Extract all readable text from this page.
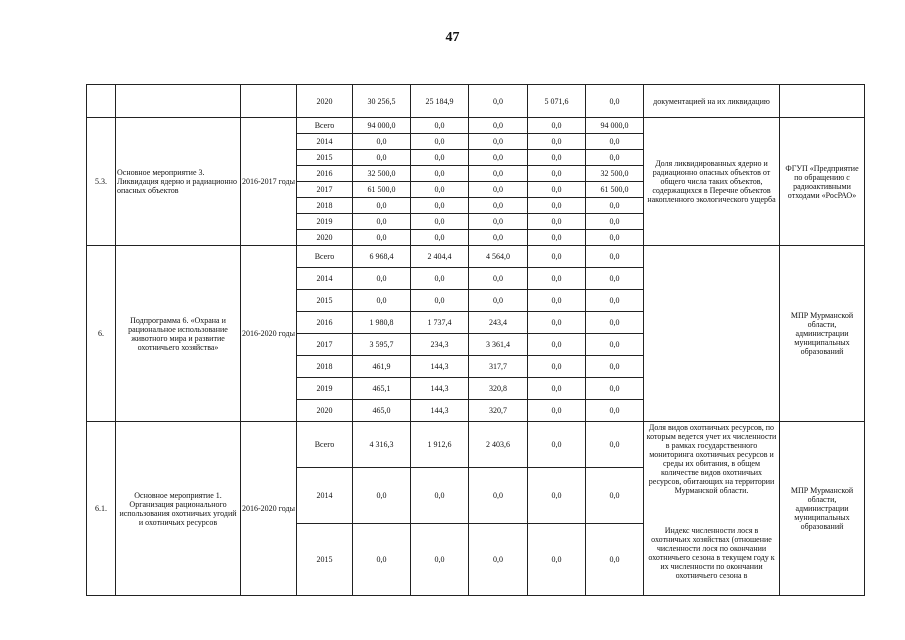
47
			2020	30 256,5	25 184,9	0,0	5 071,6	0,0	документацией на их ликвидацию	
5.3.	Основное мероприятие 3. Ликвидация ядерно и радиационно опасных объектов	2016-2017 годы	Всего	94 000,0	0,0	0,0	0,0	94 000,0	Доля ликвидированных ядерно и радиационно опасных объектов от общего числа таких объектов, содержащихся в Перечне объектов накопленного экологического ущерба	ФГУП «Предприятие по обращению с радиоактивными отходами «РосРАО»
			2014	0,0	0,0	0,0	0,0	0,0		
			2015	0,0	0,0	0,0	0,0	0,0		
			2016	32 500,0	0,0	0,0	0,0	32 500,0		
			2017	61 500,0	0,0	0,0	0,0	61 500,0		
			2018	0,0	0,0	0,0	0,0	0,0		
			2019	0,0	0,0	0,0	0,0	0,0		
			2020	0,0	0,0	0,0	0,0	0,0		
6.	Подпрограмма 6. «Охрана и рациональное использование животного мира и развитие охотничьего хозяйства»	2016-2020 годы	Всего	6 968,4	2 404,4	4 564,0	0,0	0,0		МПР Мурманской области, администрации муниципальных образований
			2014	0,0	0,0	0,0	0,0	0,0		
			2015	0,0	0,0	0,0	0,0	0,0		
			2016	1 980,8	1 737,4	243,4	0,0	0,0		
			2017	3 595,7	234,3	3 361,4	0,0	0,0		
			2018	461,9	144,3	317,7	0,0	0,0		
			2019	465,1	144,3	320,8	0,0	0,0		
			2020	465,0	144,3	320,7	0,0	0,0		
6.1.	Основное мероприятие 1. Организация рационального использования охотничьих угодий и охотничьих ресурсов	2016-2020 годы	Всего	4 316,3	1 912,6	2 403,6	0,0	0,0	Доля видов охотничьих ресурсов, по которым ведется учет их численности в рамках государственного мониторинга охотничьих ресурсов и среды их обитания, в общем количестве видов охотничьих ресурсов, обитающих на территории Мурманской области.	МПР Мурманской области, администрации муниципальных образований
			2014	0,0	0,0	0,0	0,0	0,0		
			2015	0,0	0,0	0,0	0,0	0,0	Индекс численности лося в охотничьих хозяйствах (отношение численности лося по окончании охотничьего сезона в текущем году к их численности по окончании охотничьего сезона в	
